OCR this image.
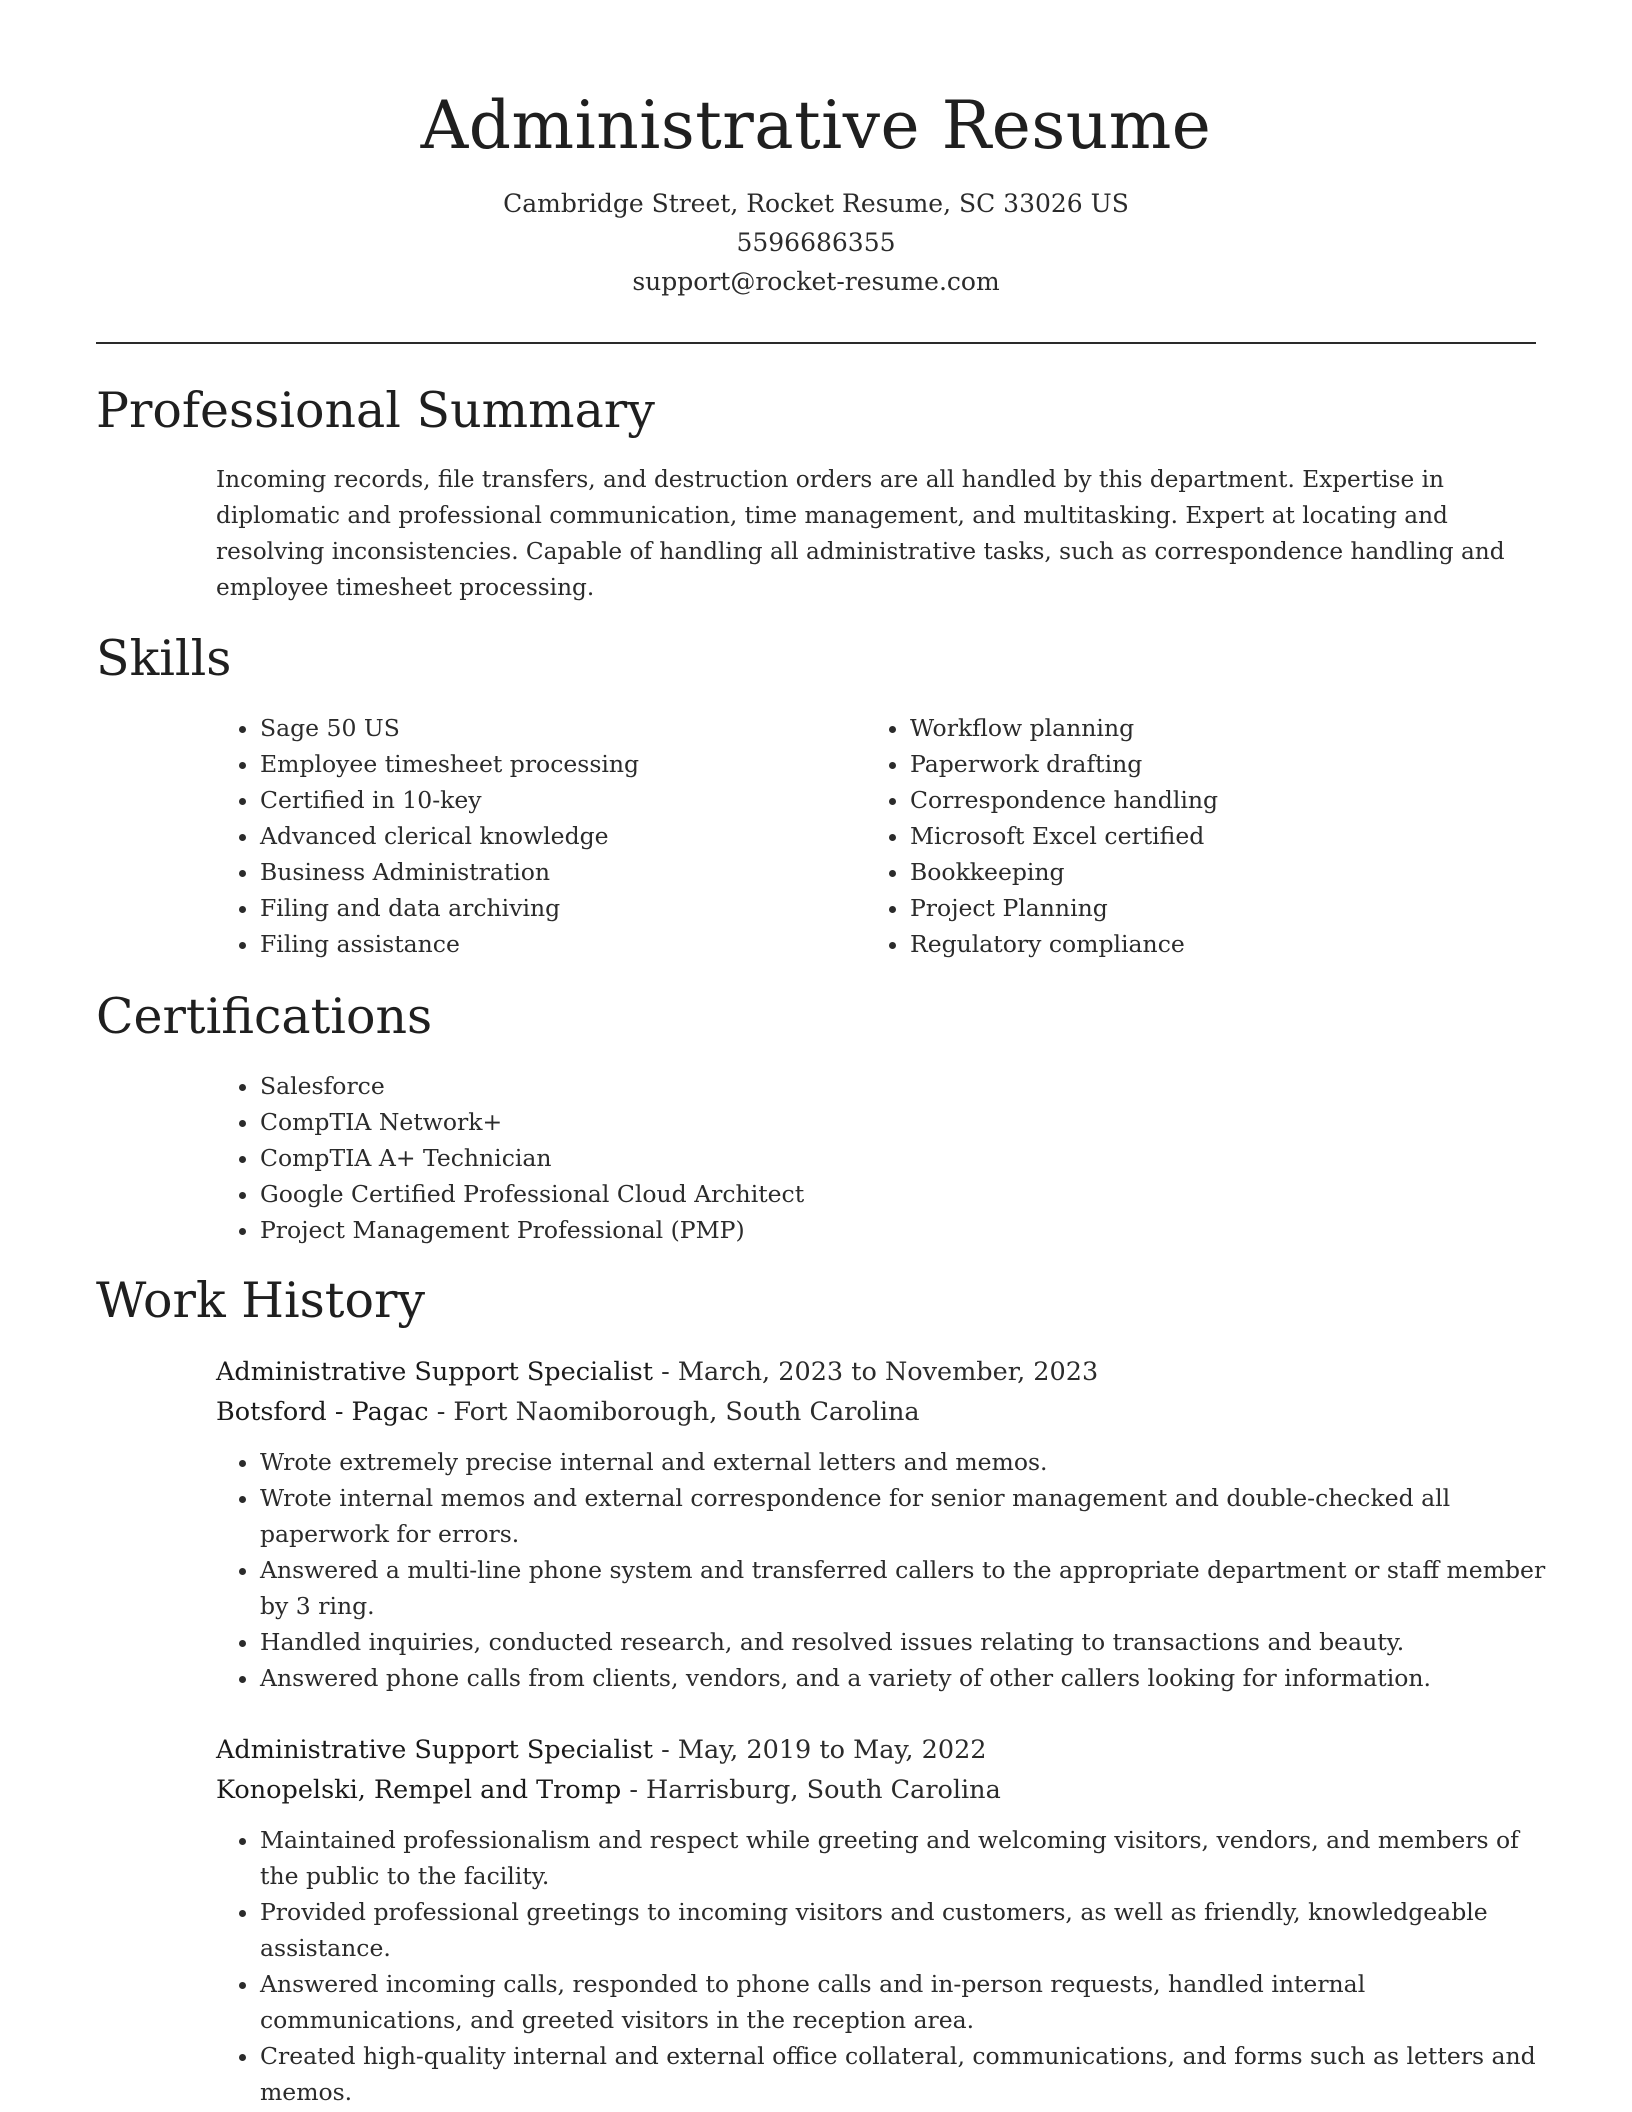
Administrative Resume
Cambridge Street, Rocket Resume, SC 33026 US
5596686355
support@rocket-resume.com
Professional Summary
Incoming records, file transfers, and destruction orders are all handled by this department. Expertise in diplomatic and professional communication, time management, and multitasking. Expert at locating and resolving inconsistencies. Capable of handling all administrative tasks, such as correspondence handling and employee timesheet processing.
Skills
• Sage 50 US
• Employee timesheet processing
• Certified in 10-key
• Advanced clerical knowledge
• Business Administration
• Filing and data archiving
• Filing assistance
• Workflow planning
• Paperwork drafting
• Correspondence handling
• Microsoft Excel certified
• Bookkeeping
• Project Planning
• Regulatory compliance
Certifications
• Salesforce
• CompTIA Network+
• CompTIA A+ Technician
• Google Certified Professional Cloud Architect
• Project Management Professional (PMP)
Work History
Administrative Support Specialist - March, 2023 to November, 2023
Botsford - Pagac - Fort Naomiborough, South Carolina
• Wrote extremely precise internal and external letters and memos.
• Wrote internal memos and external correspondence for senior management and double-checked all paperwork for errors.
• Answered a multi-line phone system and transferred callers to the appropriate department or staff member by 3 ring.
• Handled inquiries, conducted research, and resolved issues relating to transactions and beauty.
• Answered phone calls from clients, vendors, and a variety of other callers looking for information.
Administrative Support Specialist - May, 2019 to May, 2022
Konopelski, Rempel and Tromp - Harrisburg, South Carolina
• Maintained professionalism and respect while greeting and welcoming visitors, vendors, and members of the public to the facility.
• Provided professional greetings to incoming visitors and customers, as well as friendly, knowledgeable assistance.
• Answered incoming calls, responded to phone calls and in-person requests, handled internal communications, and greeted visitors in the reception area.
• Created high-quality internal and external office collateral, communications, and forms such as letters and memos.
